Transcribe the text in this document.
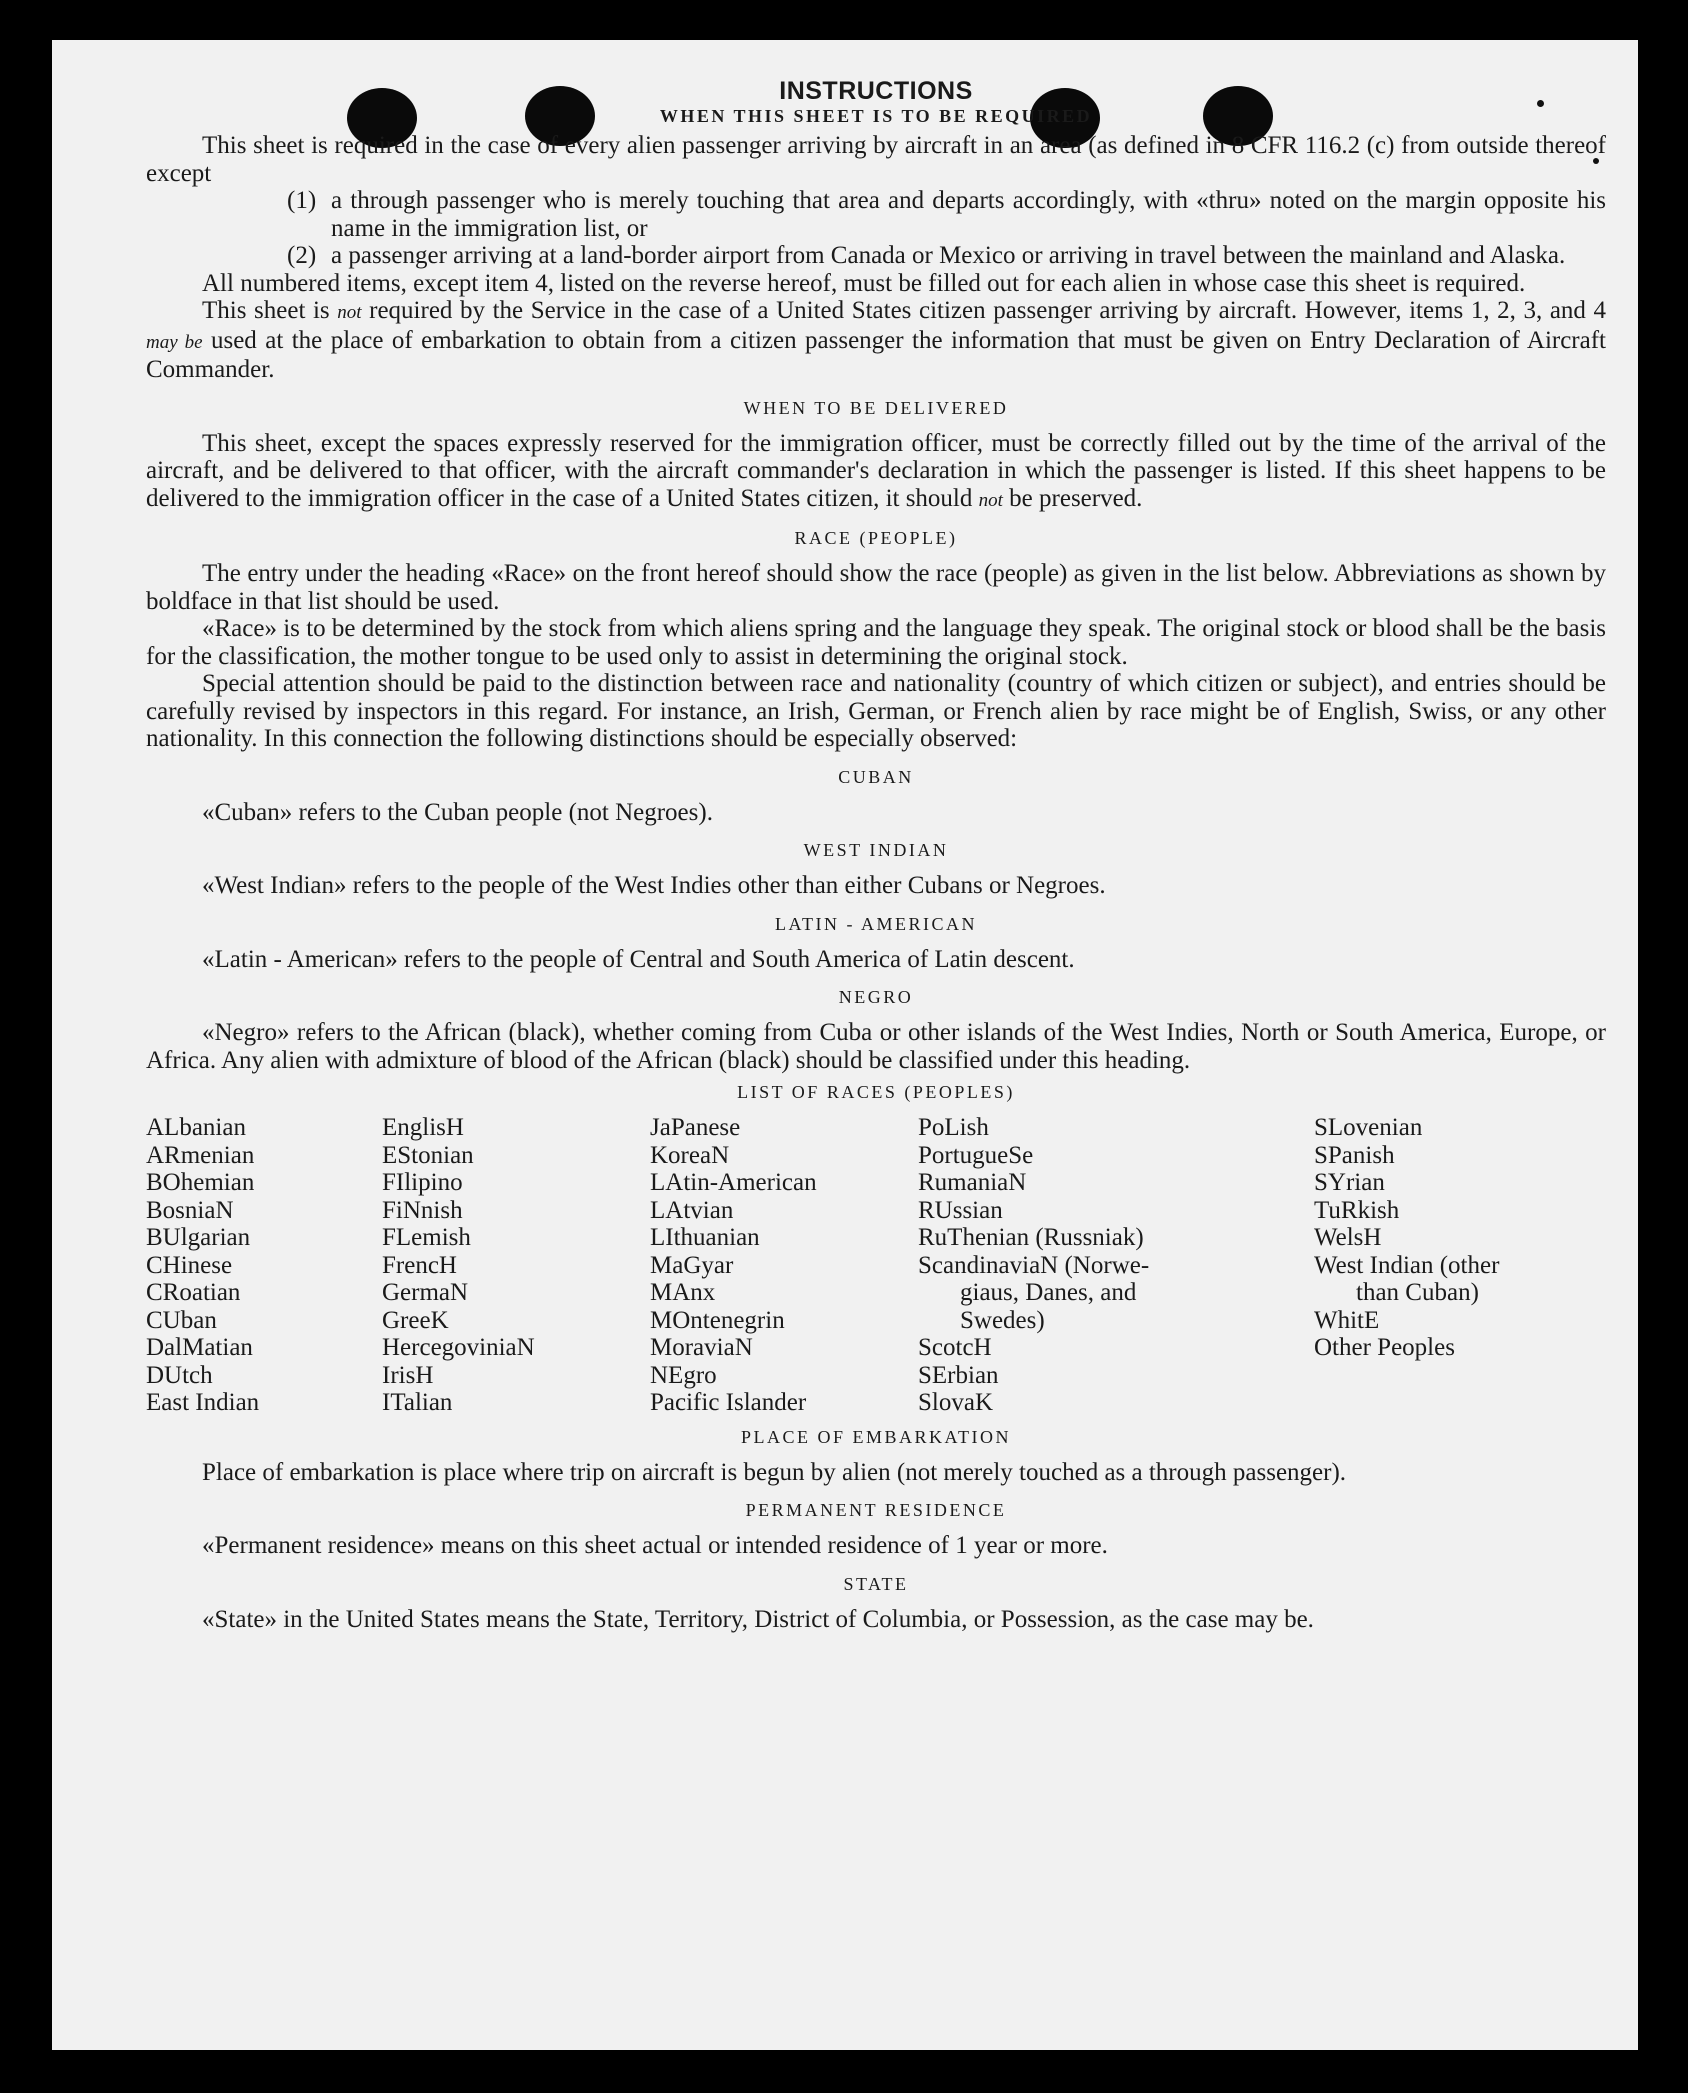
INSTRUCTIONS
WHEN THIS SHEET IS TO BE REQUIRED

This sheet is required in the case of every alien passenger arriving by aircraft in an area (as defined in 8 CFR 116.2 (c) from outside thereof except

(1) a through passenger who is merely touching that area and departs accordingly, with «thru» noted on the margin opposite his name in the immigration list, or
(2) a passenger arriving at a land-border airport from Canada or Mexico or arriving in travel between the mainland and Alaska.

All numbered items, except item 4, listed on the reverse hereof, must be filled out for each alien in whose case this sheet is required.

This sheet is not required by the Service in the case of a United States citizen passenger arriving by aircraft. However, items 1, 2, 3, and 4 may be used at the place of embarkation to obtain from a citizen passenger the information that must be given on Entry Declaration of Aircraft Commander.

WHEN TO BE DELIVERED

This sheet, except the spaces expressly reserved for the immigration officer, must be correctly filled out by the time of the arrival of the aircraft, and be delivered to that officer, with the aircraft commander's declaration in which the passenger is listed. If this sheet happens to be delivered to the immigration officer in the case of a United States citizen, it should not be preserved.

RACE (PEOPLE)

The entry under the heading «Race» on the front hereof should show the race (people) as given in the list below. Abbreviations as shown by boldface in that list should be used.

«Race» is to be determined by the stock from which aliens spring and the language they speak. The original stock or blood shall be the basis for the classification, the mother tongue to be used only to assist in determining the original stock.

Special attention should be paid to the distinction between race and nationality (country of which citizen or subject), and entries should be carefully revised by inspectors in this regard. For instance, an Irish, German, or French alien by race might be of English, Swiss, or any other nationality. In this connection the following distinctions should be especially observed:

CUBAN

«Cuban» refers to the Cuban people (not Negroes).

WEST INDIAN

«West Indian» refers to the people of the West Indies other than either Cubans or Negroes.

LATIN - AMERICAN

«Latin - American» refers to the people of Central and South America of Latin descent.

NEGRO

«Negro» refers to the African (black), whether coming from Cuba or other islands of the West Indies, North or South America, Europe, or Africa. Any alien with admixture of blood of the African (black) should be classified under this heading.

LIST OF RACES (PEOPLES)
ALbanian
ARmenian
BOhemian
BosniaN
BUlgarian
CHinese
CRoatian
CUban
DalMatian
DUtch
East Indian
EnglisH
EStonian
FIlipino
FiNnish
FLemish
FrencH
GermaN
GreeK
HercegoviniaN
IrisH
ITalian
JaPanese
KoreaN
LAtin-American
LAtvian
LIthuanian
MaGyar
MAnx
MOntenegrin
MoraviaN
NEgro
Pacific Islander
PoLish
PortugueSe
RumaniaN
RUssian
RuThenian (Russniak)
ScandinaviaN (Norwe-
giaus, Danes, and
Swedes)
ScotcH
SErbian
SlovaK
SLovenian
SPanish
SYrian
TuRkish
WelsH
West Indian (other
than Cuban)
WhitE
Other Peoples
PLACE OF EMBARKATION

Place of embarkation is place where trip on aircraft is begun by alien (not merely touched as a through passenger).

PERMANENT RESIDENCE

«Permanent residence» means on this sheet actual or intended residence of 1 year or more.

STATE

«State» in the United States means the State, Territory, District of Columbia, or Possession, as the case may be.
